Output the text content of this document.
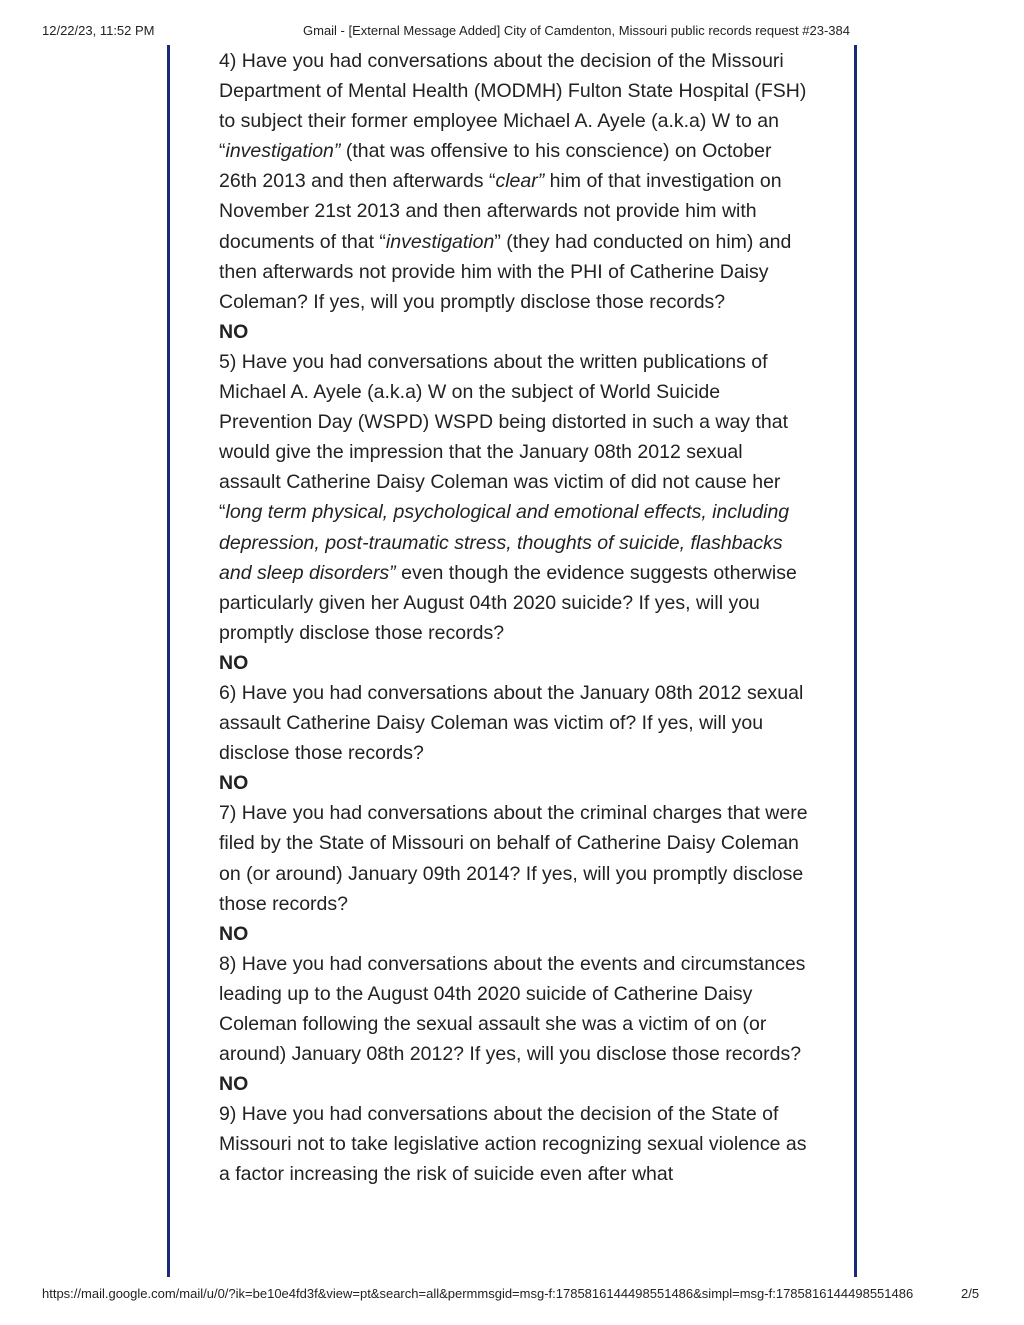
12/22/23, 11:52 PM	Gmail - [External Message Added] City of Camdenton, Missouri public records request #23-384

4) Have you had conversations about the decision of the Missouri Department of Mental Health (MODMH) Fulton State Hospital (FSH) to subject their former employee Michael A. Ayele (a.k.a) W to an “investigation” (that was offensive to his conscience) on October 26th 2013 and then afterwards “clear” him of that investigation on November 21st 2013 and then afterwards not provide him with documents of that “investigation” (they had conducted on him) and then afterwards not provide him with the PHI of Catherine Daisy Coleman? If yes, will you promptly disclose those records?

NO

5) Have you had conversations about the written publications of Michael A. Ayele (a.k.a) W on the subject of World Suicide Prevention Day (WSPD) WSPD being distorted in such a way that would give the impression that the January 08th 2012 sexual assault Catherine Daisy Coleman was victim of did not cause her “long term physical, psychological and emotional effects, including depression, post-traumatic stress, thoughts of suicide, flashbacks and sleep disorders” even though the evidence suggests otherwise particularly given her August 04th 2020 suicide? If yes, will you promptly disclose those records?

NO

6) Have you had conversations about the January 08th 2012 sexual assault Catherine Daisy Coleman was victim of? If yes, will you disclose those records?

NO

7) Have you had conversations about the criminal charges that were filed by the State of Missouri on behalf of Catherine Daisy Coleman on (or around) January 09th 2014? If yes, will you promptly disclose those records?

NO

8) Have you had conversations about the events and circumstances leading up to the August 04th 2020 suicide of Catherine Daisy Coleman following the sexual assault she was a victim of on (or around) January 08th 2012? If yes, will you disclose those records?

NO

9) Have you had conversations about the decision of the State of Missouri not to take legislative action recognizing sexual violence as a factor increasing the risk of suicide even after what

https://mail.google.com/mail/u/0/?ik=be10e4fd3f&view=pt&search=all&permmsgid=msg-f:1785816144498551486&simpl=msg-f:1785816144498551486	2/5
